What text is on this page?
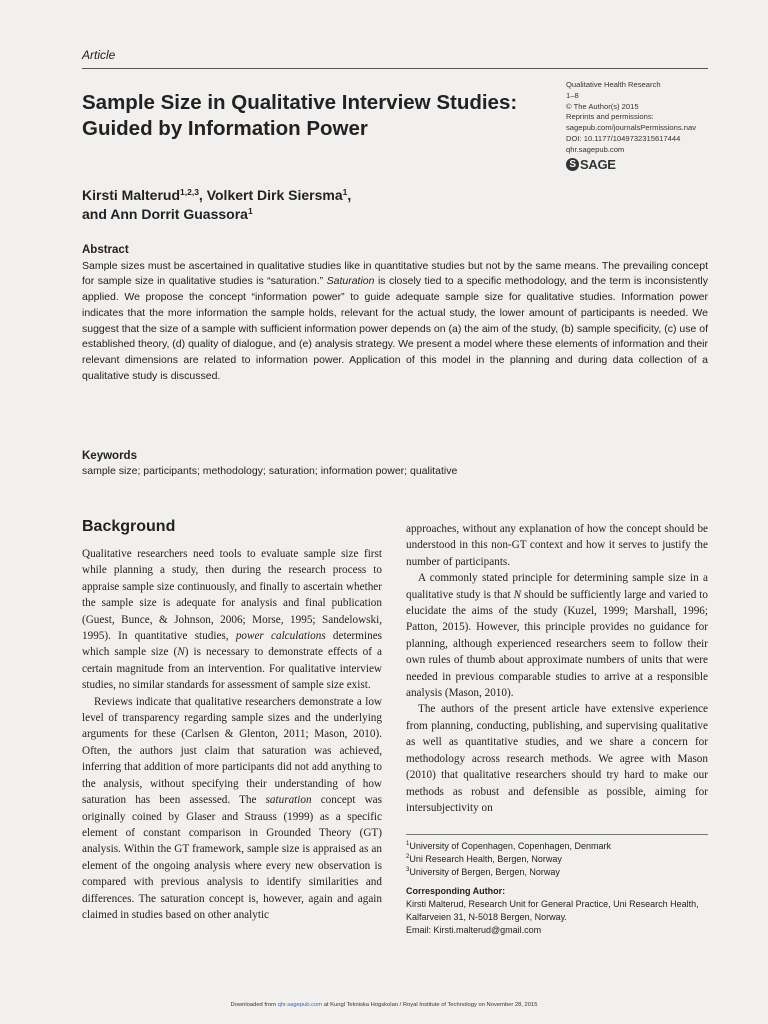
Article
Sample Size in Qualitative Interview Studies: Guided by Information Power
Qualitative Health Research
1–8
© The Author(s) 2015
Reprints and permissions:
sagepub.com/journalsPermissions.nav
DOI: 10.1177/1049732315617444
qhr.sagepub.com
S SAGE
Kirsti Malterud$^{1,2,3}$, Volkert Dirk Siersma$^1$,
and Ann Dorrit Guassora$^1$
Abstract
Sample sizes must be ascertained in qualitative studies like in quantitative studies but not by the same means. The prevailing concept for sample size in qualitative studies is “saturation.” Saturation is closely tied to a specific methodology, and the term is inconsistently applied. We propose the concept “information power” to guide adequate sample size for qualitative studies. Information power indicates that the more information the sample holds, relevant for the actual study, the lower amount of participants is needed. We suggest that the size of a sample with sufficient information power depends on (a) the aim of the study, (b) sample specificity, (c) use of established theory, (d) quality of dialogue, and (e) analysis strategy. We present a model where these elements of information and their relevant dimensions are related to information power. Application of this model in the planning and during data collection of a qualitative study is discussed.
Keywords
sample size; participants; methodology; saturation; information power; qualitative
Background

Qualitative researchers need tools to evaluate sample size first while planning a study, then during the research process to appraise sample size continuously, and finally to ascertain whether the sample size is adequate for analysis and final publication (Guest, Bunce, & Johnson, 2006; Morse, 1995; Sandelowski, 1995). In quantitative studies, power calculations determines which sample size (N) is necessary to demonstrate effects of a certain magnitude from an intervention. For qualitative interview studies, no similar standards for assessment of sample size exist.

Reviews indicate that qualitative researchers demonstrate a low level of transparency regarding sample sizes and the underlying arguments for these (Carlsen & Glenton, 2011; Mason, 2010). Often, the authors just claim that saturation was achieved, inferring that addition of more participants did not add anything to the analysis, without specifying their understanding of how saturation has been assessed. The saturation concept was originally coined by Glaser and Strauss (1999) as a specific element of constant comparison in Grounded Theory (GT) analysis. Within the GT framework, sample size is appraised as an element of the ongoing analysis where every new observation is compared with previous analysis to identify similarities and differences. The saturation concept is, however, again and again claimed in studies based on other analytic

approaches, without any explanation of how the concept should be understood in this non-GT context and how it serves to justify the number of participants.

A commonly stated principle for determining sample size in a qualitative study is that N should be sufficiently large and varied to elucidate the aims of the study (Kuzel, 1999; Marshall, 1996; Patton, 2015). However, this principle provides no guidance for planning, although experienced researchers seem to follow their own rules of thumb about approximate numbers of units that were needed in previous comparable studies to arrive at a responsible analysis (Mason, 2010).

The authors of the present article have extensive experience from planning, conducting, publishing, and supervising qualitative as well as quantitative studies, and we share a concern for methodology across research methods. We agree with Mason (2010) that qualitative researchers should try hard to make our methods as robust and defensible as possible, aiming for intersubjectivity on

$^1$University of Copenhagen, Copenhagen, Denmark
$^2$Uni Research Health, Bergen, Norway
$^3$University of Bergen, Bergen, Norway
Corresponding Author:
Kirsti Malterud, Research Unit for General Practice, Uni Research Health, Kalfarveien 31, N-5018 Bergen, Norway.
Email: Kirsti.malterud@gmail.com
Downloaded from qhr.sagepub.com at Kungl Tekniska Hogskolan / Royal Institute of Technology on November 28, 2015
